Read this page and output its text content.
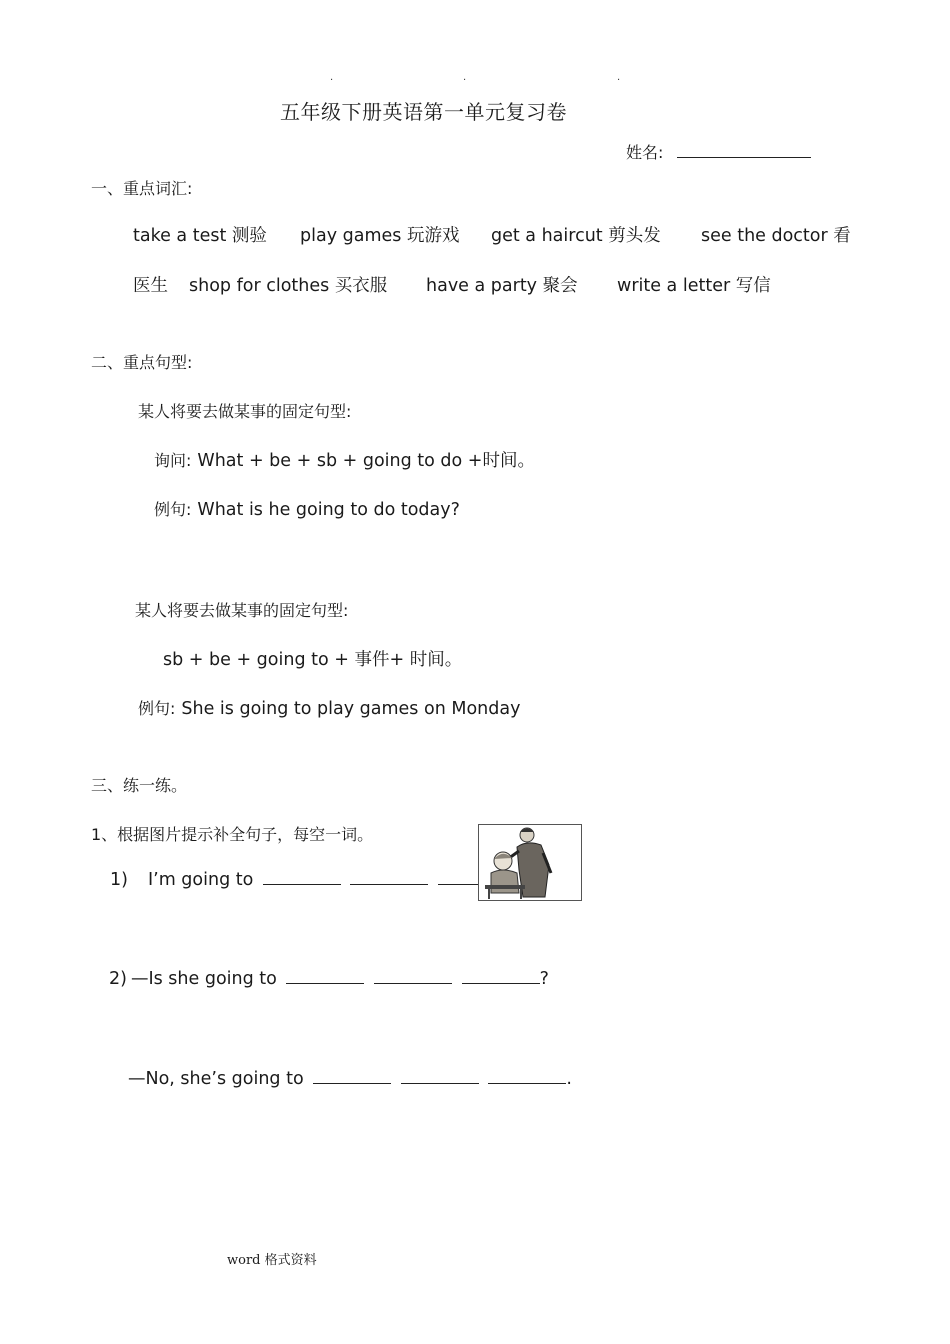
.	.	.
五年级下册英语第一单元复习卷
姓名:
一、重点词汇:
take a test 测验 play games 玩游戏 get a haircut 剪头发 see the doctor 看
医生 shop for clothes 买衣服 have a party 聚会 write a letter 写信
二、重点句型:
某人将要去做某事的固定句型:
询问: What + be + sb + going to do +时间。
例句: What is he going to do today?
某人将要去做某事的固定句型:
sb + be + going to + 事件+ 时间。
例句: She is going to play games on Monday
三、练一练。
1、根据图片提示补全句子，每空一词。
1) I’m going to
2) —Is she going to	?
—No, she’s going to	.
word 格式资料
